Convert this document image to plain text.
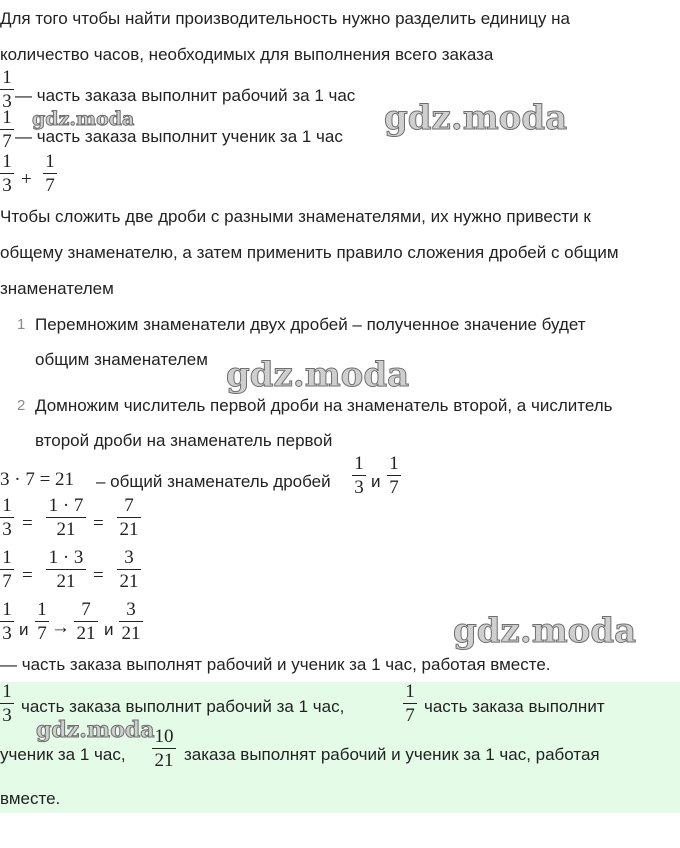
Для того чтобы найти производительность нужно разделить единицу на
количество часов, необходимых для выполнения всего заказа
1
3 — часть заказа выполнит рабочий за 1 час
1
7 — часть заказа выполнит ученик за 1 час
1
3 +
1
7
Чтобы сложить две дроби с разными знаменателями, их нужно привести к
общему знаменателю, а затем применить правило сложения дробей с общим
знаменателем
1 Перемножим знаменатели двух дробей – полученное значение будет
общим знаменателем
2 Домножим числитель первой дроби на знаменатель второй, а числитель
второй дроби на знаменатель первой
3 · 7 = 21 – общий знаменатель дробей
1
3 и
1
7
1
3 =
1 · 7
21 =
7
21
1
7 =
1 · 3
21 =
3
21
1
3 и
1
7 →
7
21 и
3
21
— часть заказа выполнят рабочий и ученик за 1 час, работая вместе.
1
3 часть заказа выполнит рабочий за 1 час,
1
7 часть заказа выполнит
ученик за 1 час,
10
21 заказа выполнят рабочий и ученик за 1 час, работая
вместе.
gdz.moda	gdz.moda
gdz.moda
gdz.moda
gdz.moda
